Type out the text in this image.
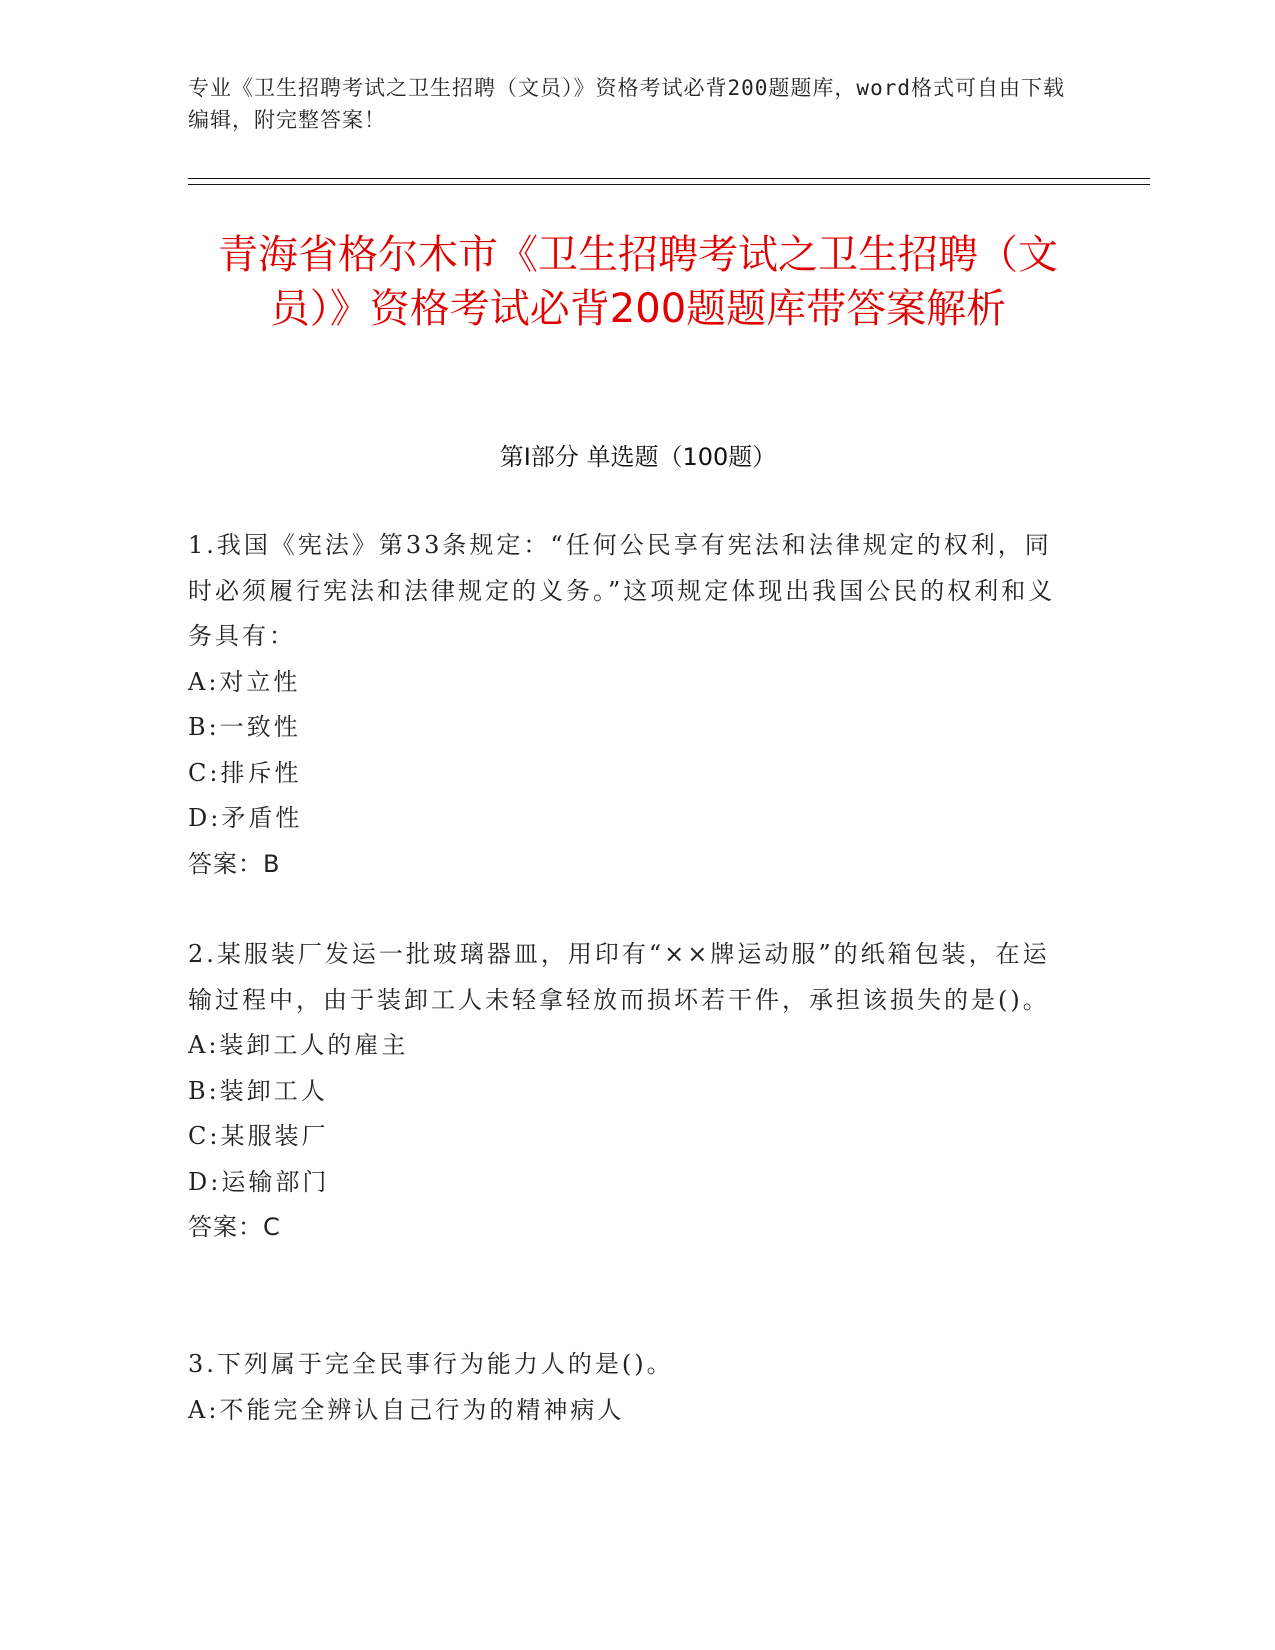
专业《卫生招聘考试之卫生招聘（文员）》资格考试必背200题题库，word格式可自由下载编辑，附完整答案！
青海省格尔木市《卫生招聘考试之卫生招聘（文员）》资格考试必背200题题库带答案解析
第Ⅰ部分 单选题（100题）
1.我国《宪法》第33条规定：“任何公民享有宪法和法律规定的权利，同时必须履行宪法和法律规定的义务。”这项规定体现出我国公民的权利和义务具有：
A:对立性
B:一致性
C:排斥性
D:矛盾性
答案：B
2.某服装厂发运一批玻璃器皿，用印有“××牌运动服”的纸箱包装，在运输过程中，由于装卸工人未轻拿轻放而损坏若干件，承担该损失的是()。
A:装卸工人的雇主
B:装卸工人
C:某服装厂
D:运输部门
答案：C
3.下列属于完全民事行为能力人的是()。
A:不能完全辨认自己行为的精神病人
